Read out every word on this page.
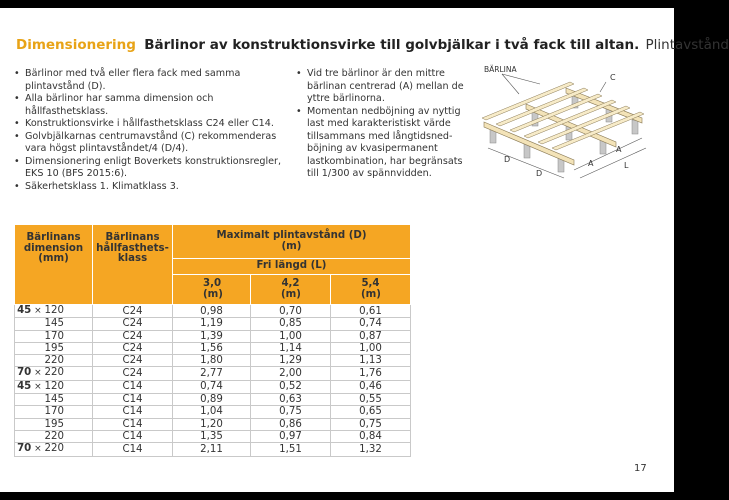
Dimensionering Bärlinor av konstruktionsvirke till golvbjälkar i två fack till altan. Plintavstånd
• Bärlinor med två eller flera fack med samma plintavstånd (D).
• Alla bärlinor har samma dimension och hållfasthetsklass.
• Konstruktionsvirke i hållfasthetsklass C24 eller C14.
• Golvbjälkarnas centrumavstånd (C) rekommenderas vara högst plintavståndet/4 (D/4).
• Dimensionering enligt Boverkets konstruktionsregler, EKS 10 (BFS 2015:6).
• Säkerhetsklass 1. Klimatklass 3.
• Vid tre bärlinor är den mittre bärlinan centrerad (A) mellan de yttre bärlinorna.
• Momentan nedböjning av nyttig last med karakteristiskt värde tillsammans med långtidsnedböjning av kvasipermanent lastkombination, har begränsats till 1/300 av spännvidden.
BÄRLINA
C
D
D
A
A
L
Bärlinans dimension (mm)	Bärlinans hållfasthets-klass	Maximalt plintavstånd (D) (m)		
		Fri längd (L)		
		3,0 (m)	4,2 (m)	5,4 (m)
45 × 120	C24	0,98	0,70	0,61
145	C24	1,19	0,85	0,74
170	C24	1,39	1,00	0,87
195	C24	1,56	1,14	1,00
220	C24	1,80	1,29	1,13
70 × 220	C24	2,77	2,00	1,76
45 × 120	C14	0,74	0,52	0,46
145	C14	0,89	0,63	0,55
170	C14	1,04	0,75	0,65
195	C14	1,20	0,86	0,75
220	C14	1,35	0,97	0,84
70 × 220	C14	2,11	1,51	1,32
17
